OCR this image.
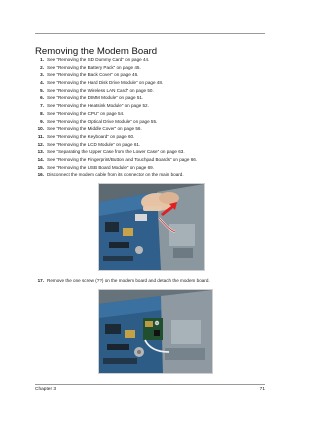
Removing the Modem Board
1. See “Removing the SD Dummy Card” on page 44.
2. See “Removing the Battery Pack” on page 45.
3. See “Removing the Back Cover” on page 46.
4. See “Removing the Hard Disk Drive Module” on page 48.
5. See “Removing the Wireless LAN Card” on page 50.
6. See “Removing the DIMM Module” on page 51.
7. See “Removing the Heatsink Module” on page 52.
8. See “Removing the CPU” on page 54.
9. See “Removing the Optical Drive Module” on page 55.
10. See “Removing the Middle Cover” on page 56.
11. See “Removing the Keyboard” on page 60.
12. See “Removing the LCD Module” on page 61.
13. See “Separating the Upper Case from the Lower Case” on page 63.
14. See “Removing the Fingerprint/Button and Touchpad Boards” on page 66.
15. See “Removing the USB Board Module” on page 69.
16. Disconnect the modem cable from its connector on the main board.
17. Remove the one screw (??) on the modem board and detach the modem board.
Chapter 3	71
